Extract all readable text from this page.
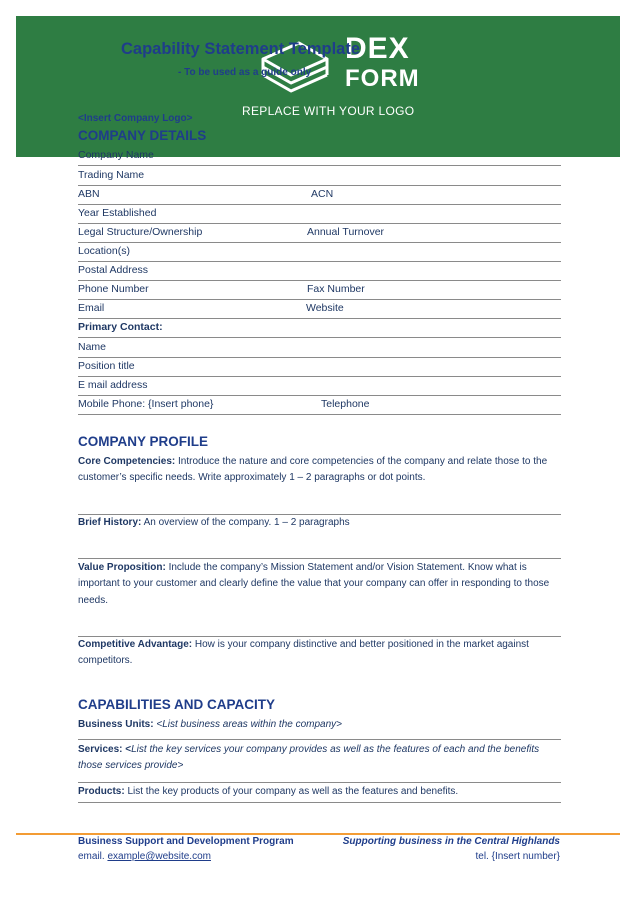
DEX
FORM
REPLACE WITH YOUR LOGO
Capability Statement Template
- To be used as a guide only
<Insert Company Logo>
COMPANY DETAILS
Company Name
Trading Name
ABN	ACN
Year Established
Legal Structure/Ownership	Annual Turnover
Location(s)
Postal Address
Phone Number	Fax Number
Email	Website
Primary Contact:
Name
Position title
E mail address
Mobile Phone: {Insert phone}	Telephone
COMPANY PROFILE
Core Competencies: Introduce the nature and core competencies of the company and relate those to the customer’s specific needs. Write approximately 1 – 2 paragraphs or dot points.
Brief History: An overview of the company. 1 – 2 paragraphs
Value Proposition: Include the company’s Mission Statement and/or Vision Statement. Know what is important to your customer and clearly define the value that your company can offer in responding to those needs.
Competitive Advantage: How is your company distinctive and better positioned in the market against competitors.
CAPABILITIES AND CAPACITY
Business Units: <List business areas within the company>
Services: <List the key services your company provides as well as the features of each and the benefits those services provide>
Products: List the key products of your company as well as the features and benefits.
Business Support and Development Program
email. example@website.com
Supporting business in the Central Highlands
tel. {Insert number}
